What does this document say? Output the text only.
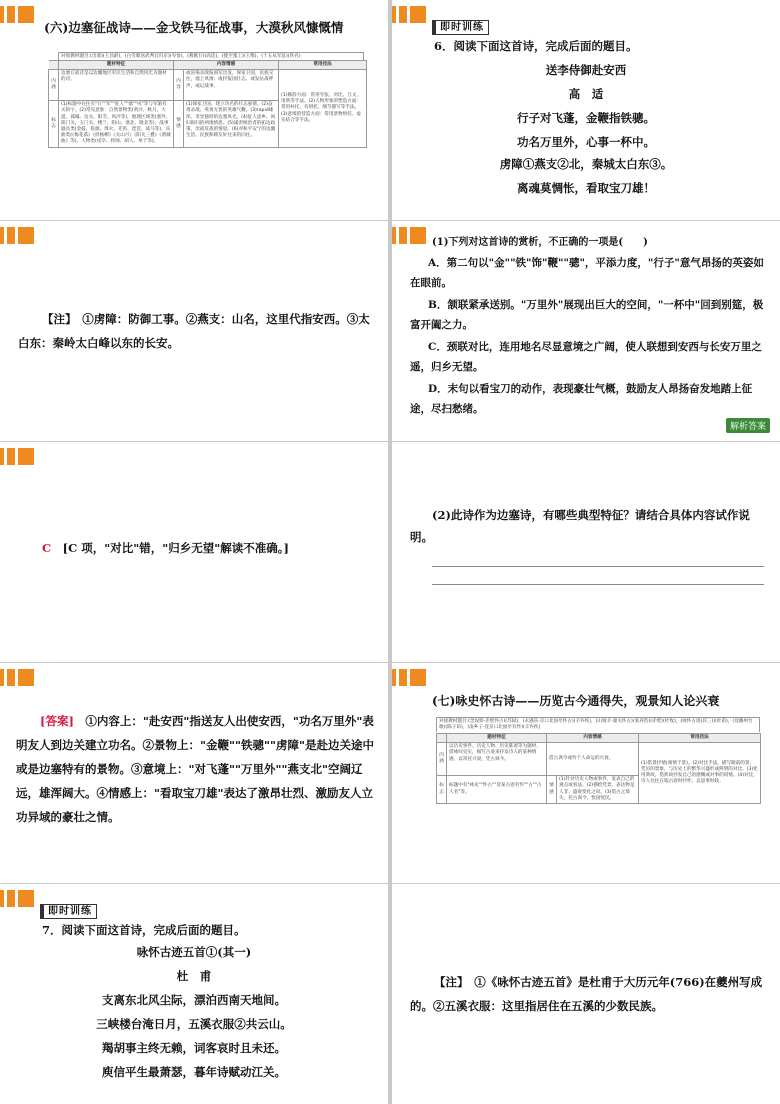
(六)边塞征战诗——金戈铁马征战事，大漠秋风慷慨情
对接教材题目:(出塞)(王昌龄)，(白雪歌送武判官归京)(岑参)，(燕歌行)(高适)，(使至塞上)(王维)，(十五从军征)(佚名)
	题材特征	内容情感		常用技法
内 涵	边塞丘战诗是以边疆地区军民生活和自然风光为题材的诗。	内 容	或渲染杀敌报国军出发，保家卫国，民族交往，塞上风情；或抒报国壮志，或发抗战呼声，或记战事。	(1)修辞方面：常用夸张、对比、互文、用典等手法。(2)人物形象的塑造方面：常用衬托、有烘托、细节描写等手法。(3)意境的营造方面：常用景物烘托、虚实结合等手法。
标 志	(1)标题中往往有"行""军""征人""塞""戍"等与军旅有关的字。(2)常见意象：自然景物类(黄沙、秋月、大漠、孤城、边关、阳雪、风沙等)，地理区域类(塞外、阳门关、玉门关、楼兰、阴山、塞北、陇北等)，战事器具类(金鼓、旌旗、烽火、羌笛、琵琶、战马等)，乐曲类(《梅花落》《折杨柳》《关山月》《阳关三叠》《渭城曲》等)，人物类(戍卒、将帅、胡人、单于等)。	情 感	(1)保家卫国、建立功名的壮志豪情。(2)奋勇杀敌、英勇无畏的英雄气概。(3)rapid雄浑、奇异独特的边塞风光。(4)征人思乡、闺妇盼归的两地情思。(5)谴责统治者的拓边政策，厌战反战的情思。(6)对和平安宁的边疆生活、民族和睦友好往来的向往。	
即时训练
6．阅读下面这首诗，完成后面的题目。
送李侍御赴安西
高　适
行子对飞蓬，金鞭指铁骢。
功名万里外，心事一杯中。
虏障①燕支②北，秦城太白东③。
离魂莫惆怅，看取宝刀雄！
【注】　 ①虏障：防御工事。②燕支：山名，这里代指安西。③太白东：秦岭太白峰以东的长安。
(1)下列对这首诗的赏析，不正确的一项是(　　)
A．第二句以"金""铁"饰"鞭""骢"，平添力度，"行子"意气昂扬的英姿如在眼前。
B．颔联紧承送别。"万里外"展现出巨大的空间，"一杯中"回到别筵，极富开阖之力。
C．颈联对比，连用地名尽显意境之广阔，使人联想到安西与长安万里之遥，归乡无望。
D．末句以看宝刀的动作，表现豪壮气概，鼓励友人昂扬奋发地踏上征途，尽扫愁绪。
解析答案
C　 [C 项，"对比"错，"归乡无望"解读不准确。]
(2)此诗作为边塞诗，有哪些典型特征？请结合具体内容试作说明。
[答案]　 ①内容上："赴安西"指送友人出使安西，"功名万里外"表明友人到边关建立功名。②景物上："金鞭""铁骢""虏障"是赴边关途中或是边塞特有的景物。③意境上："对飞蓬""万里外""燕支北"空阔辽远，雄浑阔大。④情感上："看取宝刀雄"表达了激昂壮烈、激励友人立功异域的豪壮之情。
(七)咏史怀古诗——历览古今通得失，观景知人论兴衰
对接教材题目:(念奴娇·赤壁怀古)(苏轼)，(永遇乐·京口北固亭怀古)(辛弃疾)，(山坡羊·潼关怀古)(张养浩)(赤壁)(杜牧)，(咏怀古迹(其三))(杜甫)，(登幽州台歌)(陈子昂)，(南乡子·登京口北固亭有怀)(辛弃疾)
	题材特征	内容情感		常用技法
内 涵	以历史事件、历史人物、历史陈迹等为题材，借咏叹史实，揭写古迹来抒发诗人的某种情感，以寄托兴衰、凭古讽今。	借古讽今或吟个人命运的兴衰。		(1)借景抒情(寓情于景)。(2)对比手法，描写眼前的景，凭吊的景象，与历史上的繁华兴盛形成鲜明的对比。(3)化用典故，借典故抒发自己的感慨或对事的同情。(4)对比，诗人往往在临古迹时抒怀，以思事时政。
标 志	标题中有"咏史""怀古""登某古迹有怀""古""古人名"等。	情 感	(1)针对历史人物或事件，发表自己的观点或看法。(2)描绘凭景，表达物是人非、盛衰变化之叹。(3)借古之境失，托古讽今，忧国忧民。	
即时训练
7．阅读下面这首诗，完成后面的题目。
咏怀古迹五首①(其一)
杜　甫
支离东北风尘际，漂泊西南天地间。
三峡楼台淹日月，五溪衣服②共云山。
羯胡事主终无赖，词客哀时且未还。
庾信平生最萧瑟，暮年诗赋动江关。
【注】　 ①《咏怀古迹五首》是杜甫于大历元年(766)在夔州写成的。②五溪衣服：这里指居住在五溪的少数民族。
